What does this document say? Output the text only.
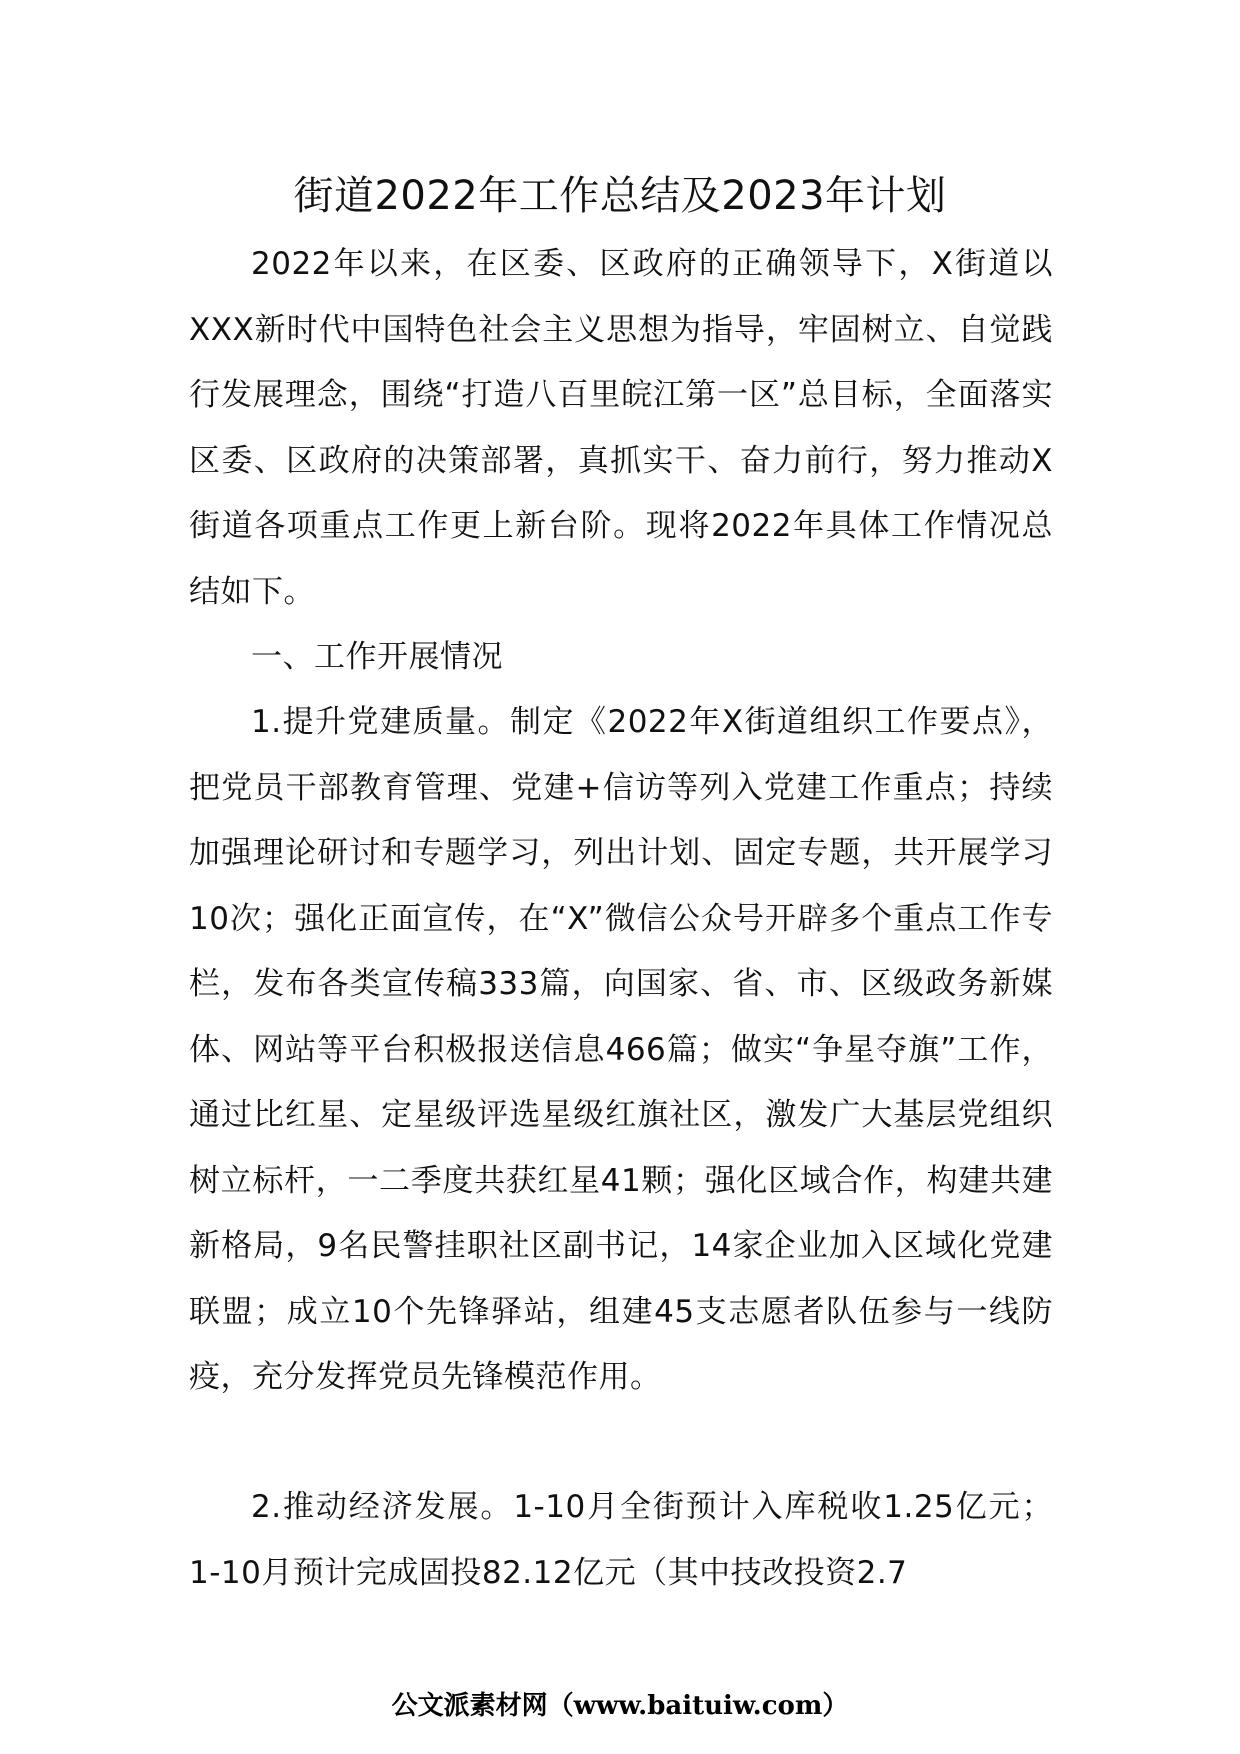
街道2022年工作总结及2023年计划

2022年以来，在区委、区政府的正确领导下，X街道以XXX新时代中国特色社会主义思想为指导，牢固树立、自觉践行发展理念，围绕“打造八百里皖江第一区”总目标，全面落实区委、区政府的决策部署，真抓实干、奋力前行，努力推动X街道各项重点工作更上新台阶。现将2022年具体工作情况总结如下。

一、工作开展情况

1.提升党建质量。制定《2022年X街道组织工作要点》，把党员干部教育管理、党建+信访等列入党建工作重点；持续加强理论研讨和专题学习，列出计划、固定专题，共开展学习10次；强化正面宣传，在“X”微信公众号开辟多个重点工作专栏，发布各类宣传稿333篇，向国家、省、市、区级政务新媒体、网站等平台积极报送信息466篇；做实“争星夺旗”工作，通过比红星、定星级评选星级红旗社区，激发广大基层党组织树立标杆，一二季度共获红星41颗；强化区域合作，构建共建新格局，9名民警挂职社区副书记，14家企业加入区域化党建联盟；成立10个先锋驿站，组建45支志愿者队伍参与一线防疫，充分发挥党员先锋模范作用。

2.推动经济发展。1-10月全街预计入库税收1.25亿元；1-10月预计完成固投82.12亿元（其中技改投资2.7

公文派素材网（www.baituiw.com）
